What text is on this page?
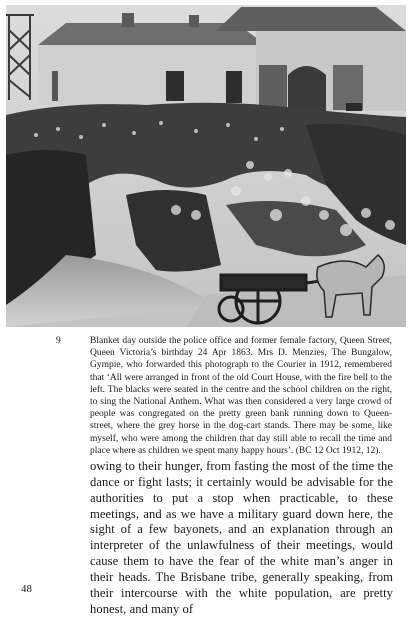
9	Blanket day outside the police office and former female factory, Queen Street, Queen Victoria’s birthday 24 Apr 1863. Mrs D. Menzies, The Bungalow, Gympie, who forwarded this photograph to the Courier in 1912, remembered that ‘All were arranged in front of the old Court House, with the fire bell to the left. The blacks were seated in the centre and the school children on the right, to sing the National Anthem. What was then considered a very large crowd of people was congregated on the pretty green bank running down to Queen-street, where the grey horse in the dog-cart stands. There may be some, like myself, who were among the children that day still able to recall the time and place where as children we spent many happy hours’. (BC 12 Oct 1912, 12).
owing to their hunger, from fasting the most of the time the dance or fight lasts; it certainly would be advisable for the authorities to put a stop when practicable, to these meetings, and as we have a military guard down here, the sight of a few bayonets, and an explanation through an interpreter of the unlawfulness of their meetings, would cause them to have the fear of the white man’s anger in their heads. The Brisbane tribe, generally speaking, from their intercourse with the white population, are pretty honest, and many of
48
